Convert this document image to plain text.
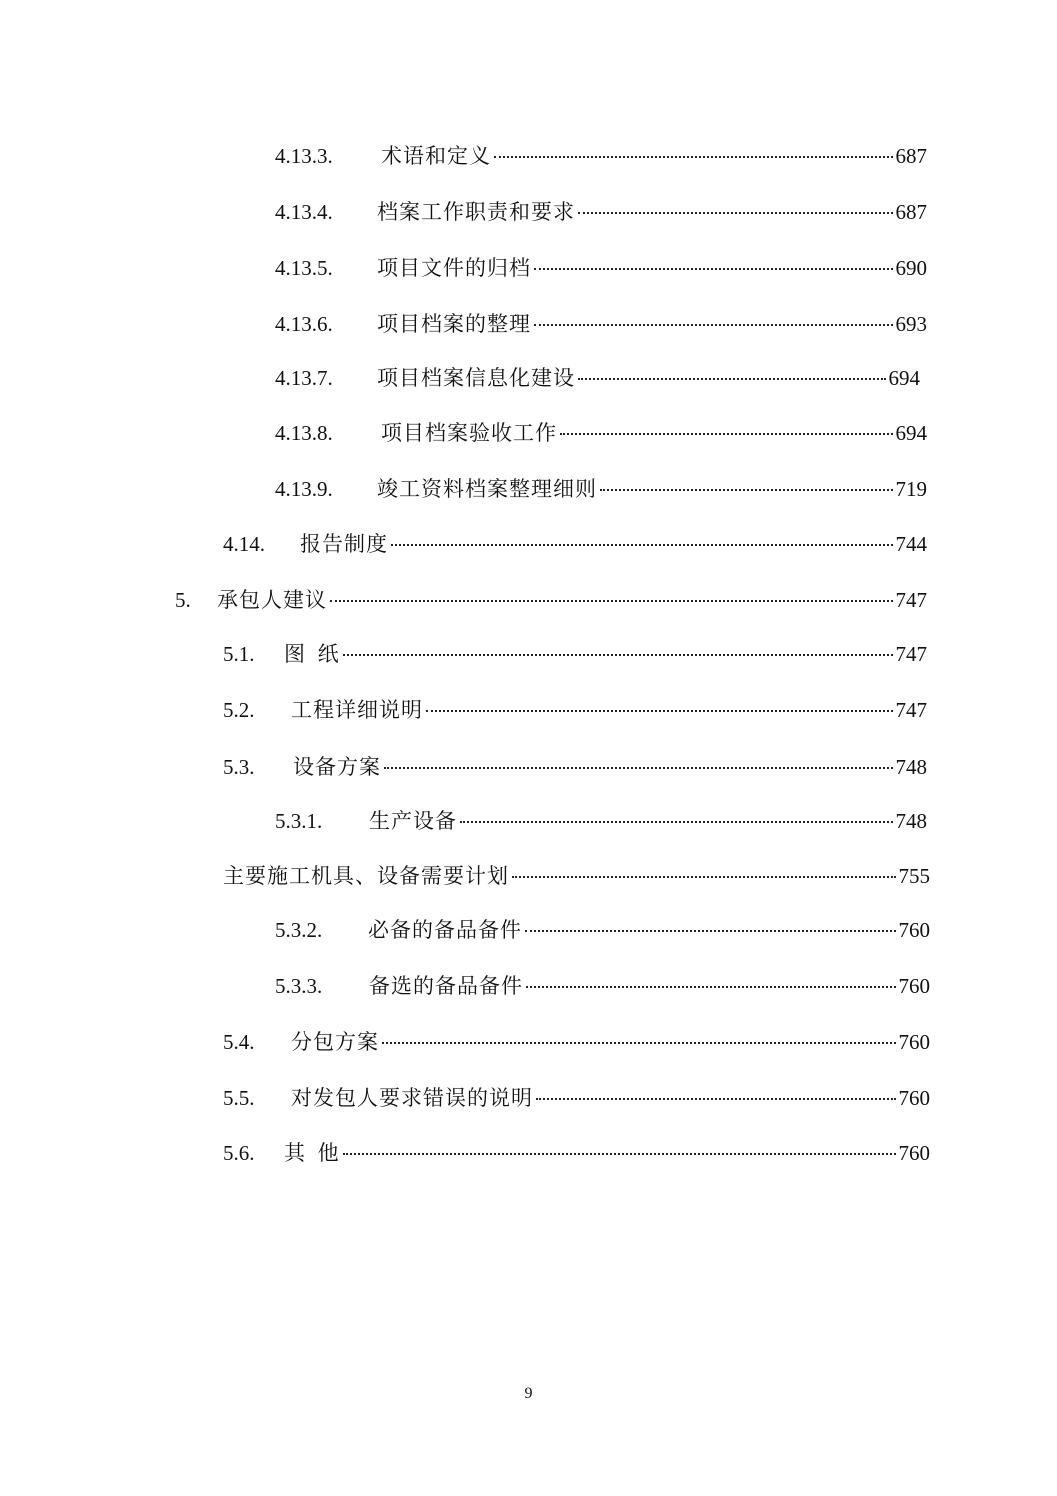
4.13.3.	术语和定义	687
4.13.4.	档案工作职责和要求	687
4.13.5.	项目文件的归档	690
4.13.6.	项目档案的整理	693
4.13.7.	项目档案信息化建设	694
4.13.8.	项目档案验收工作	694
4.13.9.	竣工资料档案整理细则	719
4.14.	报告制度	744
5.	承包人建议	747
5.1.	图 纸	747
5.2.	工程详细说明	747
5.3.	设备方案	748
5.3.1.	生产设备	748
主要施工机具、设备需要计划	755
5.3.2.	必备的备品备件	760
5.3.3.	备选的备品备件	760
5.4.	分包方案	760
5.5.	对发包人要求错误的说明	760
5.6.	其 他	760
9
